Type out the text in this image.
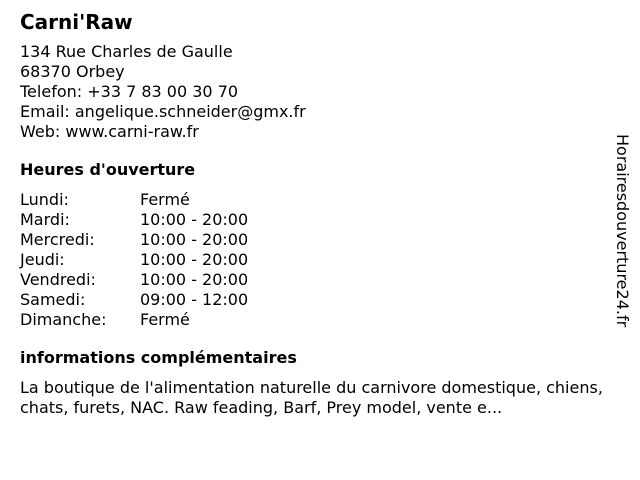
Carni'Raw
134 Rue Charles de Gaulle
68370 Orbey
Telefon: +33 7 83 00 30 70
Email: angelique.schneider@gmx.fr
Web: www.carni-raw.fr
Heures d'ouverture
Lundi:	Fermé
Mardi:	10:00 - 20:00
Mercredi:	10:00 - 20:00
Jeudi:	10:00 - 20:00
Vendredi:	10:00 - 20:00
Samedi:	09:00 - 12:00
Dimanche:	Fermé
informations complémentaires
La boutique de l'alimentation naturelle du carnivore domestique, chiens, chats, furets, NAC. Raw feading, Barf, Prey model, vente e...
Horairesdouverture24.fr
